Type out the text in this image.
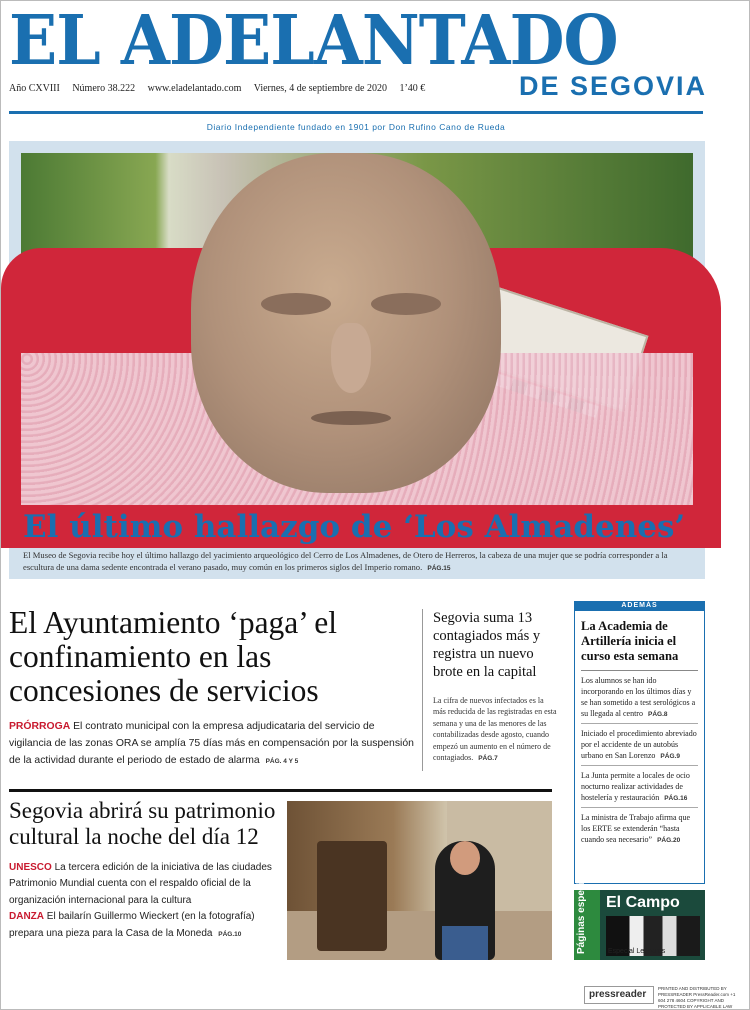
EL ADELANTADO
DE SEGOVIA
Año CXVIII Número 38.222 www.eladelantado.com Viernes, 4 de septiembre de 2020 1’40 €
Diario Independiente fundado en 1901 por Don Rufino Cano de Rueda
El último hallazgo de ‘Los Almadenes’
El Museo de Segovia recibe hoy el último hallazgo del yacimiento arqueológico del Cerro de Los Almadenes, de Otero de Herreros, la cabeza de una mujer que se podría corresponder a la escultura de una dama sedente encontrada el verano pasado, muy común en los primeros siglos del Imperio romano. PÁG.15
El Ayuntamiento ‘paga’ el confinamiento en las concesiones de servicios

PRÓRROGA El contrato municipal con la empresa adjudicataria del servicio de vigilancia de las zonas ORA se amplía 75 días más en compensación por la suspensión de la actividad durante el periodo de estado de alarma PÁG. 4 Y 5

Segovia suma 13 contagiados más y registra un nuevo brote en la capital

La cifra de nuevos infectados es la más reducida de las registradas en esta semana y una de las menores de las contabilizadas desde agosto, cuando empezó un aumento en el número de contagiados. PÁG.7

ADEMÁS
La Academia de Artillería inicia el curso esta semana
Los alumnos se han ido incorporando en los últimos días y se han sometido a test serológicos a su llegada al centro PÁG.8
Iniciado el procedimiento abreviado por el accidente de un autobús urbano en San Lorenzo PÁG.9
La Junta permite a locales de ocio nocturno realizar actividades de hostelería y restauración PÁG.16
La ministra de Trabajo afirma que los ERTE se extenderán “hasta cuando sea necesario” PÁG.20
Segovia abrirá su patrimonio cultural la noche del día 12

UNESCO La tercera edición de la iniciativa de las ciudades Patrimonio Mundial cuenta con el respaldo oficial de la organización internacional para la cultura
DANZA El bailarín Guillermo Wieckert (en la fotografía) prepara una pieza para la Casa de la Moneda PÁG.10	Páginas especiales El Campo
Especial Lecheros
pressreader
PRINTED AND DISTRIBUTED BY PRESSREADER PressReader.com +1 604 278 4604 COPYRIGHT AND PROTECTED BY APPLICABLE LAW
